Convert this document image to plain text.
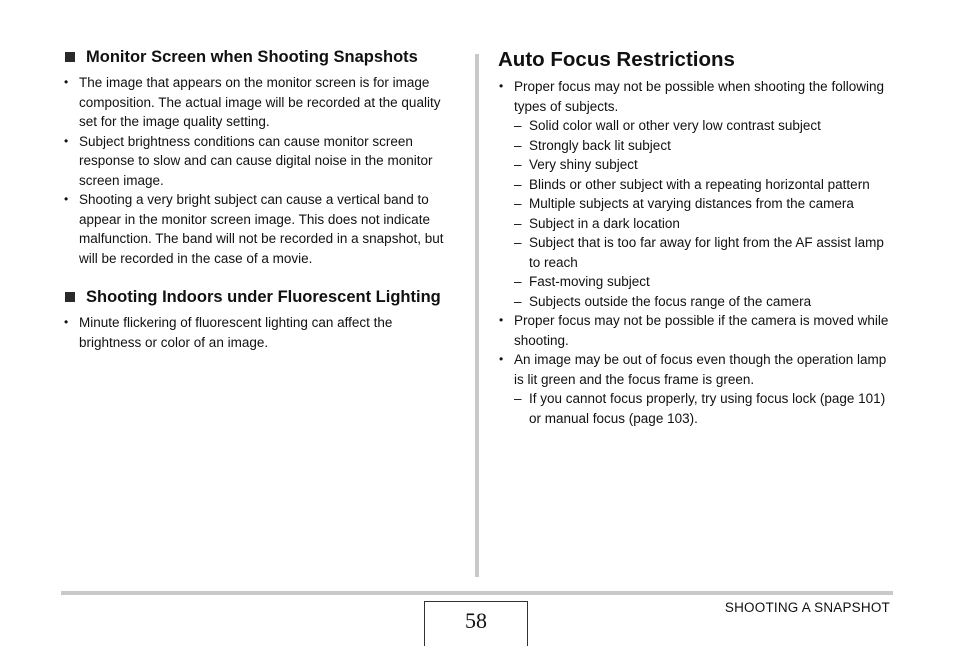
Monitor Screen when Shooting Snapshots
• The image that appears on the monitor screen is for image composition. The actual image will be recorded at the quality set for the image quality setting.
• Subject brightness conditions can cause monitor screen response to slow and can cause digital noise in the monitor screen image.
• Shooting a very bright subject can cause a vertical band to appear in the monitor screen image. This does not indicate malfunction. The band will not be recorded in a snapshot, but will be recorded in the case of a movie.
Shooting Indoors under Fluorescent Lighting
• Minute flickering of fluorescent lighting can affect the brightness or color of an image.
Auto Focus Restrictions
• Proper focus may not be possible when shooting the following types of subjects.
– Solid color wall or other very low contrast subject
– Strongly back lit subject
– Very shiny subject
– Blinds or other subject with a repeating horizontal pattern
– Multiple subjects at varying distances from the camera
– Subject in a dark location
– Subject that is too far away for light from the AF assist lamp to reach
– Fast-moving subject
– Subjects outside the focus range of the camera
• Proper focus may not be possible if the camera is moved while shooting.
• An image may be out of focus even though the operation lamp is lit green and the focus frame is green.
– If you cannot focus properly, try using focus lock (page 101) or manual focus (page 103).
58
SHOOTING A SNAPSHOT
